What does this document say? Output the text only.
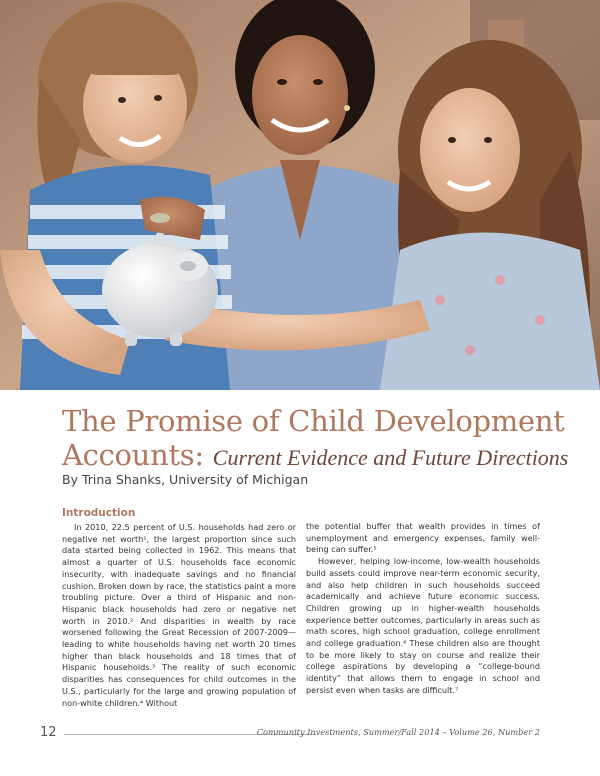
The Promise of Child Development Accounts: Current Evidence and Future Directions
By Trina Shanks, University of Michigan
Introduction

In 2010, 22.5 percent of U.S. households had zero or negative net worth¹, the largest proportion since such data started being collected in 1962. This means that almost a quarter of U.S. households face economic insecurity, with inadequate savings and no financial cushion. Broken down by race, the statistics paint a more troubling picture. Over a third of Hispanic and non-Hispanic black households had zero or negative net worth in 2010.² And disparities in wealth by race worsened following the Great Recession of 2007-2009—leading to white households having net worth 20 times higher than black households and 18 times that of Hispanic households.³ The reality of such economic disparities has consequences for child outcomes in the U.S., particularly for the large and growing population of non-white children.⁴ Without

the potential buffer that wealth provides in times of unemployment and emergency expenses, family well-being can suffer.⁵

However, helping low-income, low-wealth households build assets could improve near-term economic security, and also help children in such households succeed academically and achieve future economic success. Children growing up in higher-wealth households experience better outcomes, particularly in areas such as math scores, high school graduation, college enrollment and college graduation.⁶ These children also are thought to be more likely to stay on course and realize their college aspirations by developing a “college-bound identity” that allows them to engage in school and persist even when tasks are difficult.⁷

12	Community Investments, Summer/Fall 2014 – Volume 26, Number 2
